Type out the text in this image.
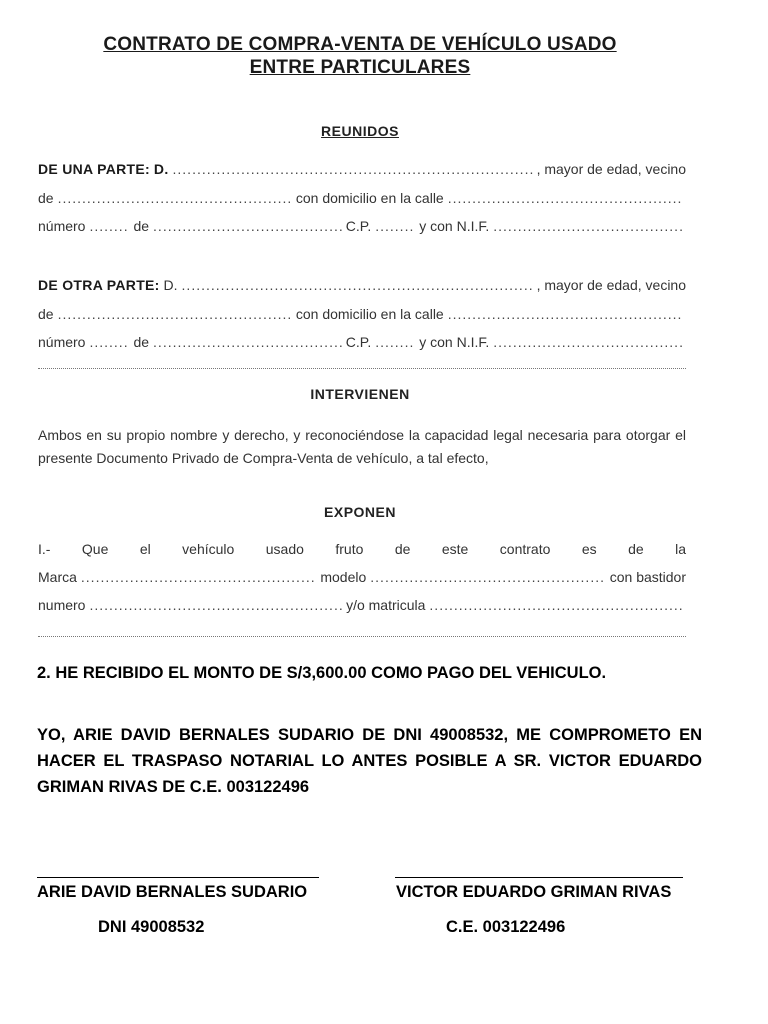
CONTRATO DE COMPRA-VENTA DE VEHÍCULO USADO
ENTRE PARTICULARES
REUNIDOS
DE UNA PARTE: D. .....	, mayor de edad, vecino
de .....	con domicilio en la calle
.....
número .....	de .....	C.P. .....	y con N.I.F.
.....
DE OTRA PARTE: D. .....	, mayor de edad, vecino
de .....	con domicilio en la calle
.....
número .....	de .....	C.P. .....	y con N.I.F.
.....
INTERVIENEN
Ambos en su propio nombre y derecho, y reconociéndose la capacidad legal necesaria para otorgar el presente Documento Privado de Compra-Venta de vehículo, a tal efecto,
EXPONEN
I.- Que el vehículo usado fruto de este contrato es de la
Marca .....	modelo .....	con bastidor
numero .....	y/o matricula
.....
2. HE RECIBIDO EL MONTO DE S/3,600.00 COMO PAGO DEL VEHICULO.
YO, ARIE DAVID BERNALES SUDARIO DE DNI 49008532, ME COMPROMETO EN HACER EL TRASPASO NOTARIAL LO ANTES POSIBLE A SR. VICTOR EDUARDO GRIMAN RIVAS DE C.E. 003122496
ARIE DAVID BERNALES SUDARIO	VICTOR EDUARDO GRIMAN RIVAS
DNI 49008532	C.E. 003122496
